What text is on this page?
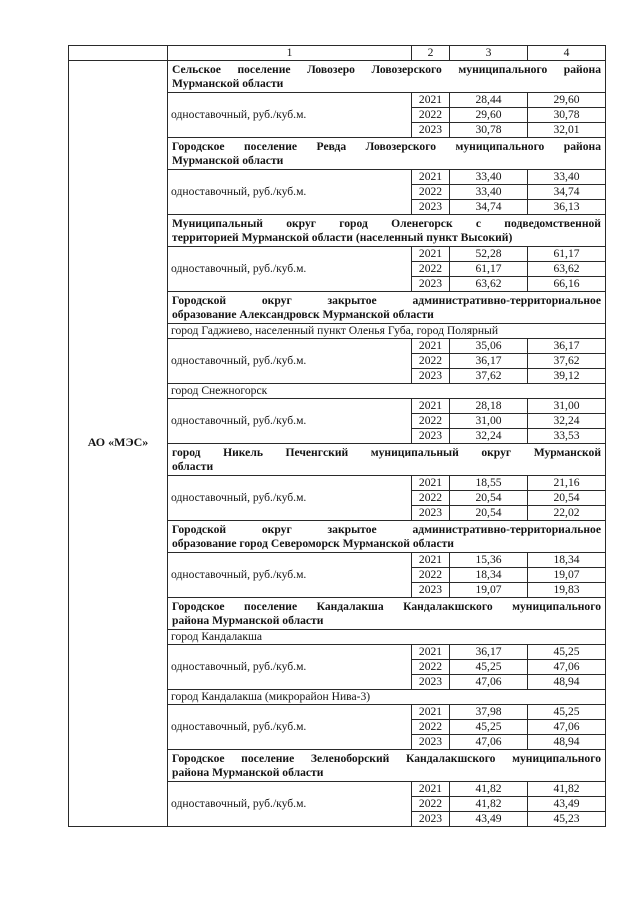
	1	2	3	4
АО «МЭС»	Сельское поселение Ловозеро Ловозерского муниципального района
Мурманской области			

	одноставочный, руб./куб.м.	2021	28,44	29,60
		2022	29,60	30,78
		2023	30,78	32,01
	Городское поселение Ревда Ловозерского муниципального района
Мурманской области			

	одноставочный, руб./куб.м.	2021	33,40	33,40
		2022	33,40	34,74
		2023	34,74	36,13
	Муниципальный округ город Оленегорск с подведомственной
территорией Мурманской области (населенный пункт Высокий)			

	одноставочный, руб./куб.м.	2021	52,28	61,17
		2022	61,17	63,62
		2023	63,62	66,16
	Городской округ закрытое административно-территориальное
образование Александровск Мурманской области			

	город Гаджиево, населенный пункт Оленья Губа, город Полярный			
	одноставочный, руб./куб.м.	2021	35,06	36,17
		2022	36,17	37,62
		2023	37,62	39,12
	город Снежногорск			
	одноставочный, руб./куб.м.	2021	28,18	31,00
		2022	31,00	32,24
		2023	32,24	33,53
	город Никель Печенгский муниципальный округ Мурманской
области			

	одноставочный, руб./куб.м.	2021	18,55	21,16
		2022	20,54	20,54
		2023	20,54	22,02
	Городской округ закрытое административно-территориальное
образование город Североморск Мурманской области			

	одноставочный, руб./куб.м.	2021	15,36	18,34
		2022	18,34	19,07
		2023	19,07	19,83
	Городское поселение Кандалакша Кандалакшского муниципального
района Мурманской области			

	город Кандалакша			
	одноставочный, руб./куб.м.	2021	36,17	45,25
		2022	45,25	47,06
		2023	47,06	48,94
	город Кандалакша (микрорайон Нива-3)			
	одноставочный, руб./куб.м.	2021	37,98	45,25
		2022	45,25	47,06
		2023	47,06	48,94
	Городское поселение Зеленоборский Кандалакшского муниципального
района Мурманской области			

	одноставочный, руб./куб.м.	2021	41,82	41,82
		2022	41,82	43,49
		2023	43,49	45,23
